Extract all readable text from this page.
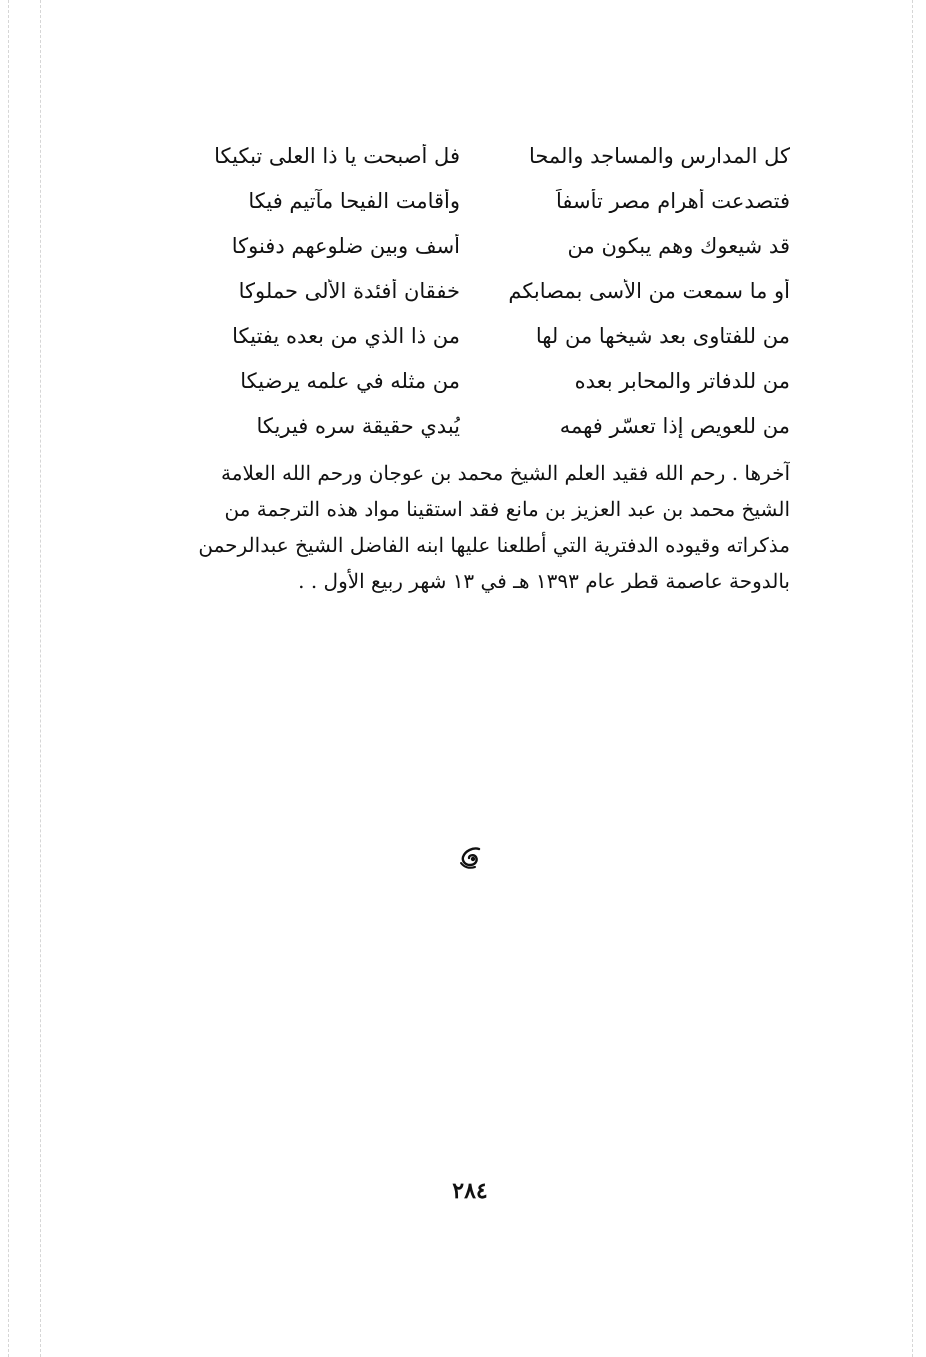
كل المدارس والمساجد والمحا
فل أصبحت يا ذا العلى تبكيكا
فتصدعت أهرام مصر تأسفاً
وأقامت الفيحا مآتيم فيكا
قد شيعوك وهم يبكون من
أسف وبين ضلوعهم دفنوكا
أو ما سمعت من الأسى بمصابكم
خفقان أفئدة الألى حملوكا
من للفتاوى بعد شيخها من لها
من ذا الذي من بعده يفتيكا
من للدفاتر والمحابر بعده
من مثله في علمه يرضيكا
من للعويص إذا تعسّر فهمه
يُبدي حقيقة سره فيريكا
آخرها . رحم الله فقيد العلم الشيخ محمد بن عوجان ورحم الله العلامة
الشيخ محمد بن عبد العزيز بن مانع فقد استقينا مواد هذه الترجمة من
مذكراته وقيوده الدفترية التي أطلعنا عليها ابنه الفاضل الشيخ عبدالرحمن
بالدوحة عاصمة قطر عام ١٣٩٣ هـ في ١٣ شهر ربيع الأول . .
٢٨٤
